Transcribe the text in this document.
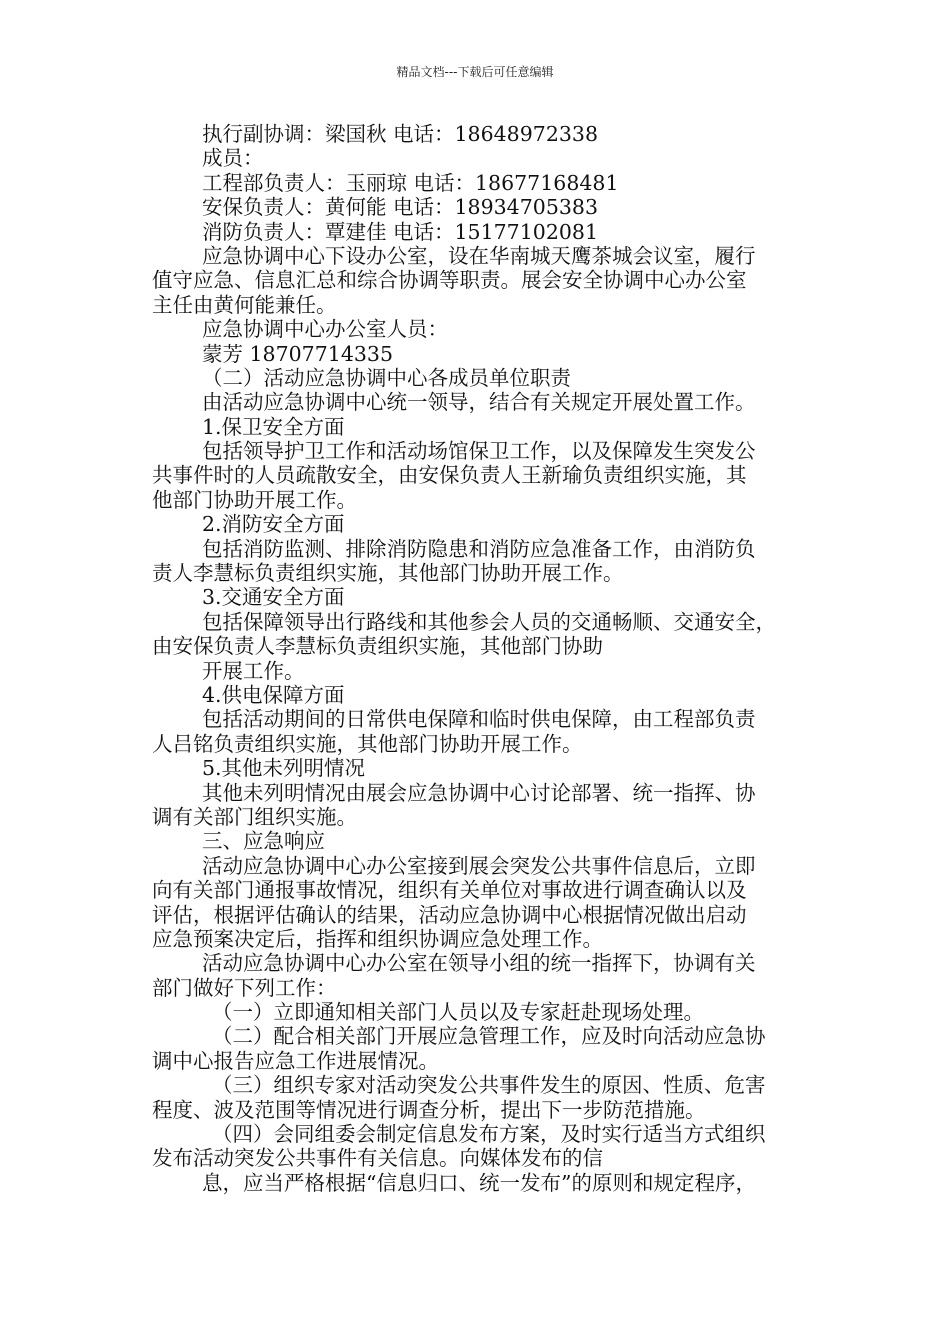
精品文档---下载后可任意编辑
执行副协调：梁国秋 电话：18648972338
成员：
工程部负责人：玉丽琼 电话：18677168481
安保负责人：黄何能 电话：18934705383
消防负责人：覃建佳 电话：15177102081
应急协调中心下设办公室，设在华南城天鹰茶城会议室，履行
值守应急、信息汇总和综合协调等职责。展会安全协调中心办公室
主任由黄何能兼任。
应急协调中心办公室人员：
蒙芳 18707714335
（二）活动应急协调中心各成员单位职责
由活动应急协调中心统一领导，结合有关规定开展处置工作。
1.保卫安全方面
包括领导护卫工作和活动场馆保卫工作，以及保障发生突发公
共事件时的人员疏散安全，由安保负责人王新瑜负责组织实施，其
他部门协助开展工作。
2.消防安全方面
包括消防监测、排除消防隐患和消防应急准备工作，由消防负
责人李慧标负责组织实施，其他部门协助开展工作。
3.交通安全方面
包括保障领导出行路线和其他参会人员的交通畅顺、交通安全，
由安保负责人李慧标负责组织实施，其他部门协助
开展工作。
4.供电保障方面
包括活动期间的日常供电保障和临时供电保障，由工程部负责
人吕铭负责组织实施，其他部门协助开展工作。
5.其他未列明情况
其他未列明情况由展会应急协调中心讨论部署、统一指挥、协
调有关部门组织实施。
三、应急响应
活动应急协调中心办公室接到展会突发公共事件信息后，立即
向有关部门通报事故情况，组织有关单位对事故进行调查确认以及
评估，根据评估确认的结果，活动应急协调中心根据情况做出启动
应急预案决定后，指挥和组织协调应急处理工作。
活动应急协调中心办公室在领导小组的统一指挥下，协调有关
部门做好下列工作：
（一）立即通知相关部门人员以及专家赶赴现场处理。
（二）配合相关部门开展应急管理工作，应及时向活动应急协
调中心报告应急工作进展情况。
（三）组织专家对活动突发公共事件发生的原因、性质、危害
程度、波及范围等情况进行调查分析，提出下一步防范措施。
（四）会同组委会制定信息发布方案，及时实行适当方式组织
发布活动突发公共事件有关信息。向媒体发布的信
息，应当严格根据“信息归口、统一发布”的原则和规定程序，
